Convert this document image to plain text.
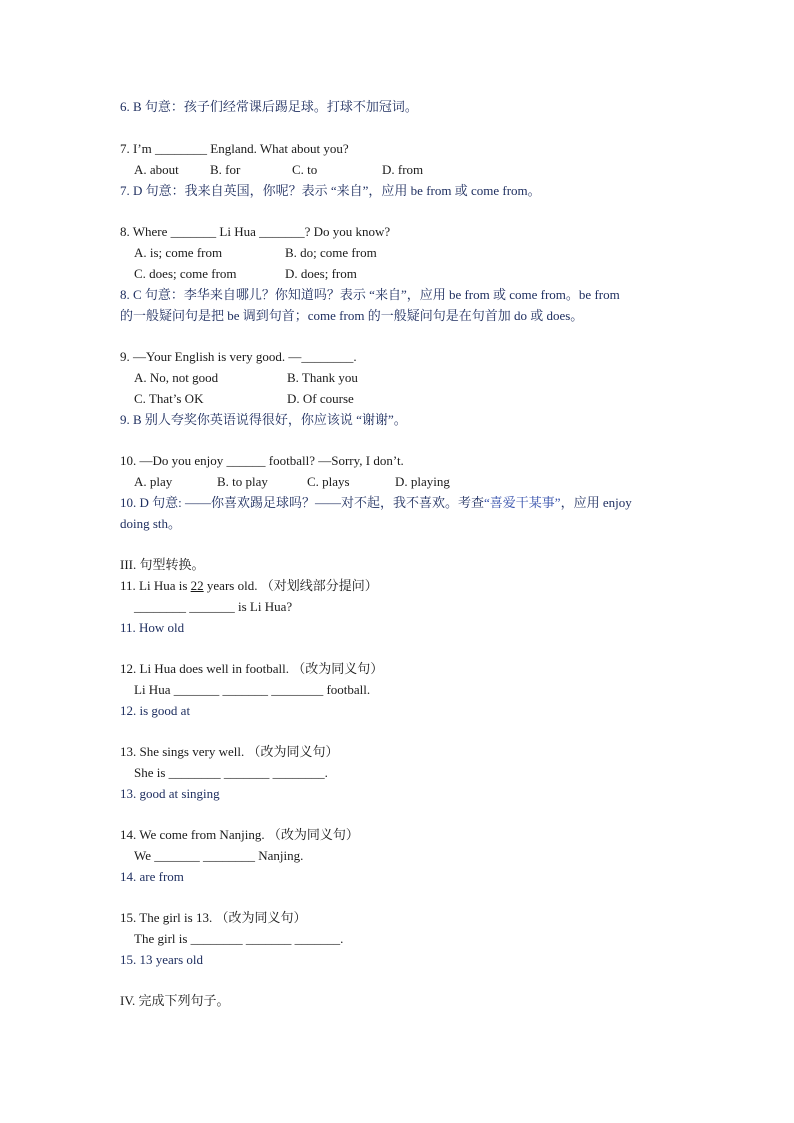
6. B 句意：孩子们经常课后踢足球。打球不加冠词。
7. I’m ________ England. What about you?
A. about B. for	C. to	D. from
7. D 句意：我来自英国，你呢？表示 “来自”，应用 be from 或 come from。
8. Where _______ Li Hua _______? Do you know?
A. is; come from	B. do; come from
C. does; come from	D. does; from
8. C 句意：李华来自哪儿？你知道吗？表示 “来自”，应用 be from 或 come from。be from
的一般疑问句是把 be 调到句首；come from 的一般疑问句是在句首加 do 或 does。
9. —Your English is very good. —________.
A. No, not good	B. Thank you
C. That’s OK	D. Of course
9. B 别人夸奖你英语说得很好，你应该说 “谢谢”。
10. —Do you enjoy ______ football? —Sorry, I don’t.
A. play	B. to play	C. plays	D. playing
10. D 句意: ——你喜欢踢足球吗？——对不起，我不喜欢。考查“喜爱干某事”，应用 enjoy
doing sth。
III. 句型转换。
11. Li Hua is 22 years old. （对划线部分提问）
________ _______ is Li Hua?
11. How old
12. Li Hua does well in football. （改为同义句）
Li Hua _______ _______ ________ football.
12. is good at
13. She sings very well. （改为同义句）
She is ________ _______ ________.
13. good at singing
14. We come from Nanjing. （改为同义句）
We _______ ________ Nanjing.
14. are from
15. The girl is 13. （改为同义句）
The girl is ________ _______ _______.
15. 13 years old
IV. 完成下列句子。
